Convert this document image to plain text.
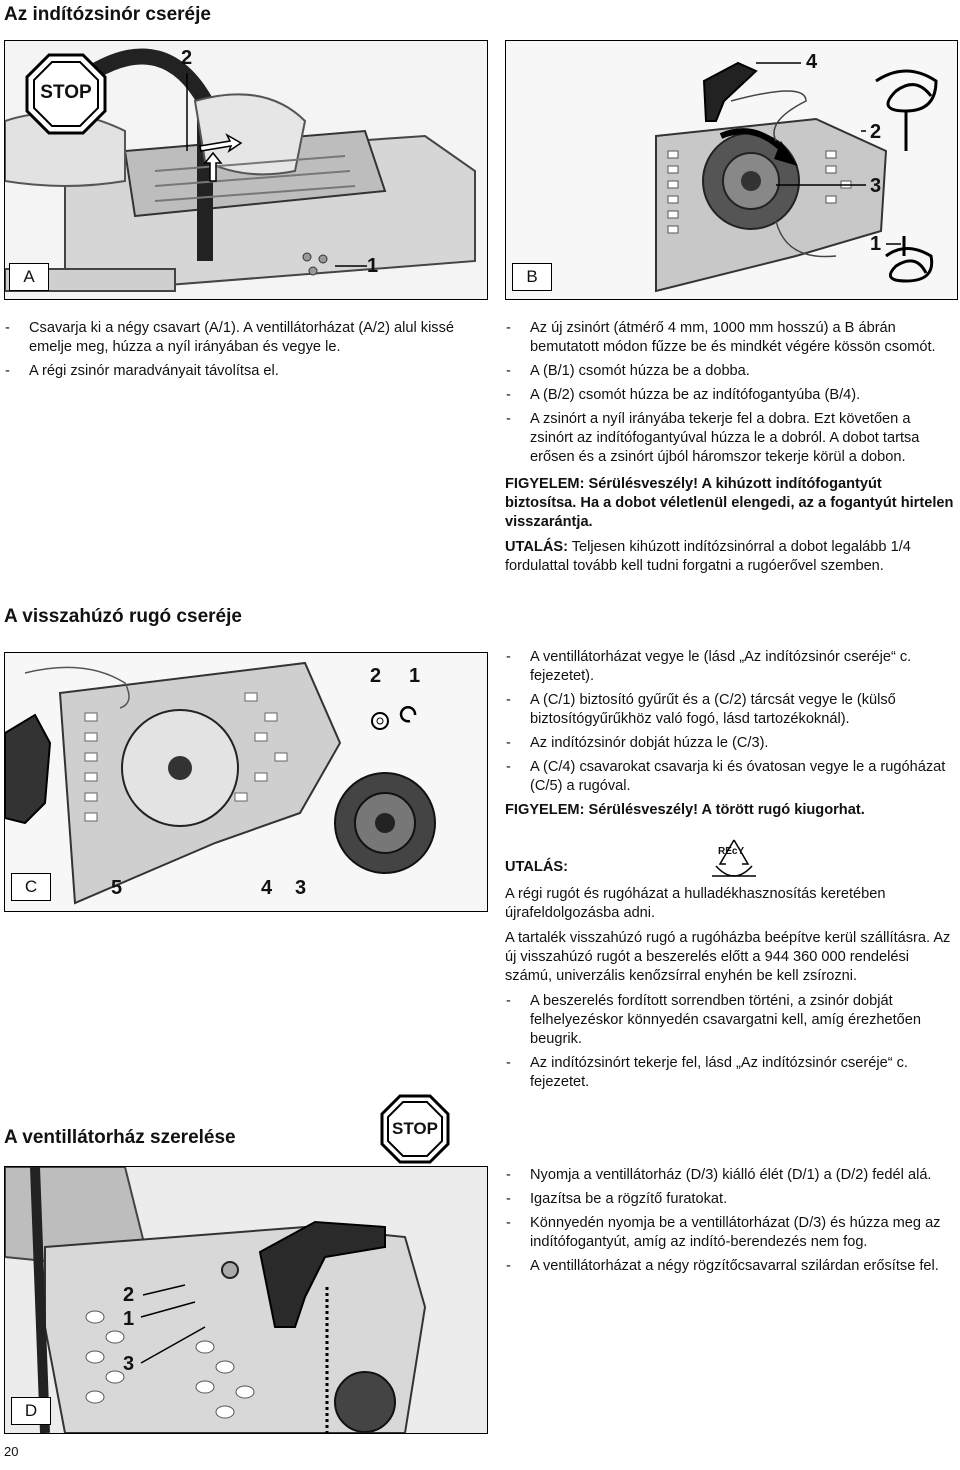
Az indítózsinór cseréje
A visszahúzó rugó cseréje
A ventillátorház szerelése
STOP
2
1
A
4
2
3
1
B
- Csavarja ki a négy csavart (A/1). A ventillátorházat (A/2) alul kissé emelje meg, húzza a nyíl irányában és vegye le.
- A régi zsinór maradványait távolítsa el.
- Az új zsinórt (átmérő 4 mm, 1000 mm hosszú) a B ábrán bemutatott módon fűzze be és mindkét végére kössön csomót.
- A (B/1) csomót húzza be a dobba.
- A (B/2) csomót húzza be az indítófogantyúba (B/4).
- A zsinórt a nyíl irányába tekerje fel a dobra. Ezt követően a zsinórt az indítófogantyúval húzza le a dobról. A dobot tartsa erősen és a zsinórt újból háromszor tekerje körül a dobon.

FIGYELEM: Sérülésveszély! A kihúzott indítófogantyút biztosítsa. Ha a dobot véletlenül elengedi, az a fogantyút hirtelen visszarántja.

UTALÁS: Teljesen kihúzott indítózsinórral a dobot legalább 1/4 fordulattal tovább kell tudni forgatni a rugóerővel szemben.

2 1
5	4 3
C
- A ventillátorházat vegye le (lásd „Az indítózsinór cseréje“ c. fejezetet).
- A (C/1) biztosító gyűrűt és a (C/2) tárcsát vegye le (külső biztosítógyűrűkhöz való fogó, lásd tartozékoknál).
- Az indítózsinór dobját húzza le (C/3).
- A (C/4) csavarokat csavarja ki és óvatosan vegye le a rugóházat (C/5) a rugóval.

FIGYELEM: Sérülésveszély! A törött rugó kiugorhat.

REcY

UTALÁS:

A régi rugót és rugóházat a hulladékhasznosítás keretében újrafeldolgozásba adni.

A tartalék visszahúzó rugó a rugóházba beépítve kerül szállításra. Az új visszahúzó rugót a beszerelés előtt a 944 360 000 rendelési számú, univerzális kenőzsírral enyhén be kell zsírozni.

- A beszerelés fordított sorrendben történi, a zsinór dobját felhelyezéskor könnyedén csavargatni kell, amíg érezhetően beugrik.
- Az indítózsinórt tekerje fel, lásd „Az indítózsinór cseréje“ c. fejezetet.
STOP
2
1
3
D
- Nyomja a ventillátorház (D/3) kiálló élét (D/1) a (D/2) fedél alá.
- Igazítsa be a rögzítő furatokat.
- Könnyedén nyomja be a ventillátorházat (D/3) és húzza meg az indítófogantyút, amíg az indító-berendezés nem fog.
- A ventillátorházat a négy rögzítőcsavarral szilárdan erősítse fel.
20
